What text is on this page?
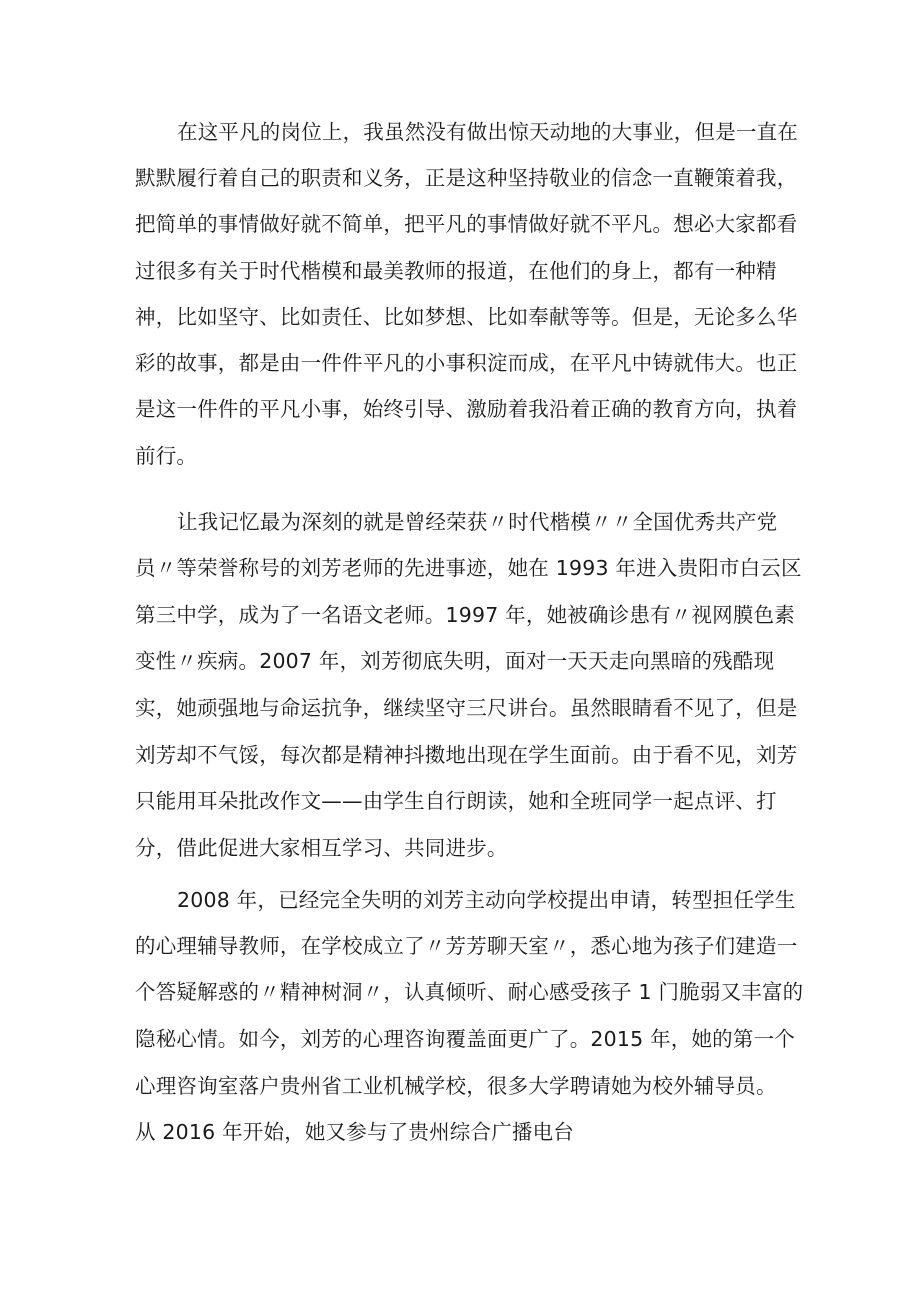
在这平凡的岗位上，我虽然没有做出惊天动地的大事业，但是一直在
默默履行着自己的职责和义务，正是这种坚持敬业的信念一直鞭策着我，
把简单的事情做好就不简单，把平凡的事情做好就不平凡。想必大家都看
过很多有关于时代楷模和最美教师的报道，在他们的身上，都有一种精
神，比如坚守、比如责任、比如梦想、比如奉献等等。但是，无论多么华
彩的故事，都是由一件件平凡的小事积淀而成，在平凡中铸就伟大。也正
是这一件件的平凡小事，始终引导、激励着我沿着正确的教育方向，执着
前行。
让我记忆最为深刻的就是曾经荣获〃时代楷模〃〃全国优秀共产党
员〃等荣誉称号的刘芳老师的先进事迹，她在 1993 年进入贵阳市白云区
第三中学，成为了一名语文老师。1997 年，她被确诊患有〃视网膜色素
变性〃疾病。2007 年，刘芳彻底失明，面对一天天走向黑暗的残酷现
实，她顽强地与命运抗争，继续坚守三尺讲台。虽然眼睛看不见了，但是
刘芳却不气馁，每次都是精神抖擞地出现在学生面前。由于看不见，刘芳
只能用耳朵批改作文——由学生自行朗读，她和全班同学一起点评、打
分，借此促进大家相互学习、共同进步。
2008 年，已经完全失明的刘芳主动向学校提出申请，转型担任学生
的心理辅导教师，在学校成立了〃芳芳聊天室〃，悉心地为孩子们建造一
个答疑解惑的〃精神树洞〃，认真倾听、耐心感受孩子 1 门脆弱又丰富的
隐秘心情。如今，刘芳的心理咨询覆盖面更广了。2015 年，她的第一个
心理咨询室落户贵州省工业机械学校，很多大学聘请她为校外辅导员。
从 2016 年开始，她又参与了贵州综合广播电台
